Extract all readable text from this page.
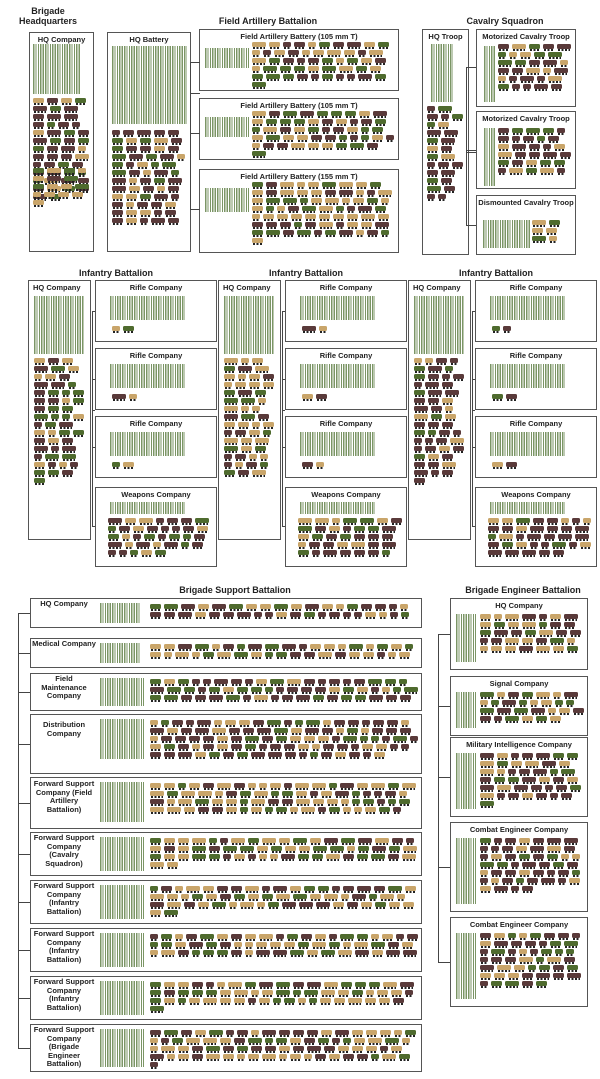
Brigade Headquarters
HQ Company
Field Artillery Battalion
HQ Battery	Field Artillery Battery (105 mm T)
Field Artillery Battery (105 mm T)
Field Artillery Battery (155 mm T)
Cavalry Squadron
HQ Troop	Motorized Cavalry Troop
Motorized Cavalry Troop
Dismounted Cavalry Troop
Infantry Battalion
HQ Company	Rifle Company
Rifle Company
Rifle Company
Weapons Company
Infantry Battalion
HQ Company	Rifle Company
Rifle Company
Rifle Company
Weapons Company
Infantry Battalion
HQ Company	Rifle Company
Rifle Company
Rifle Company
Weapons Company
Brigade Support Battalion
HQ Company
Medical Company
Field Maintenance Company
Distribution Company
Forward Support Company (Field Artillery Battalion)
Forward Support Company (Cavalry Squadron)
Forward Support Company (Infantry Battalion)
Forward Support Company (Infantry Battalion)
Forward Support Company (Infantry Battalion)
Forward Support Company (Brigade Engineer Battalion)
Brigade Engineer Battalion
HQ Company
Signal Company
Military Intelligence Company
Combat Engineer Company
Combat Engineer Company
